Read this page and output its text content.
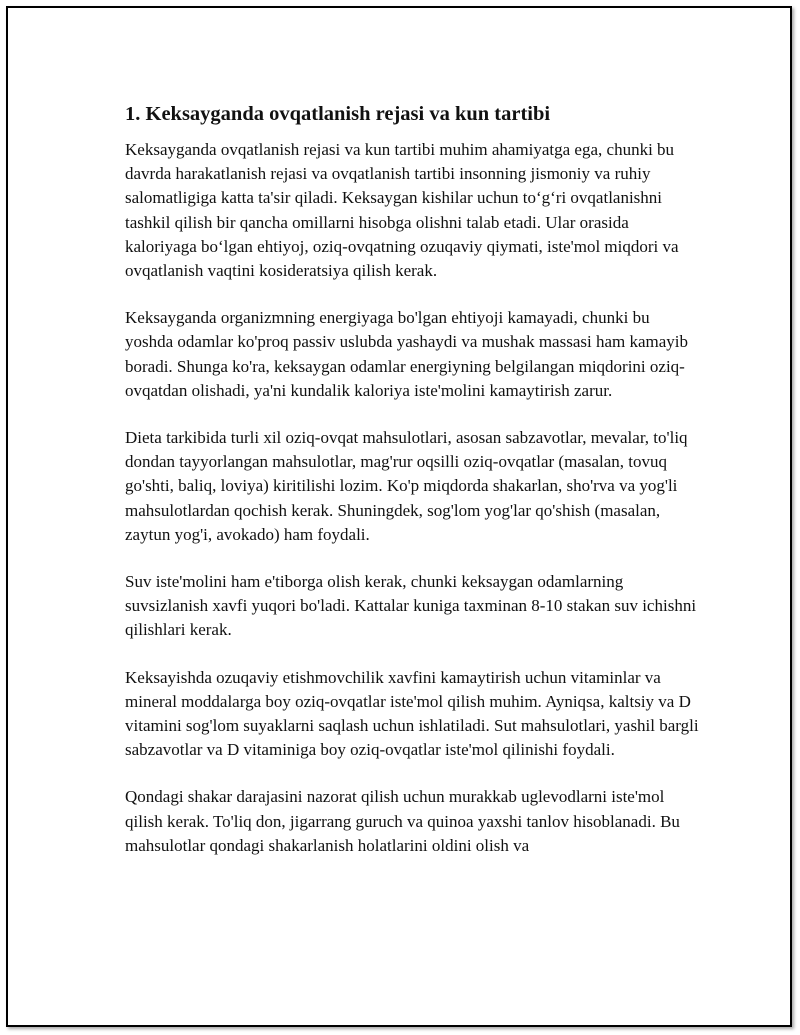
1. Keksayganda ovqatlanish rejasi va kun tartibi

Keksayganda ovqatlanish rejasi va kun tartibi muhim ahamiyatga ega, chunki bu davrda harakatlanish rejasi va ovqatlanish tartibi insonning jismoniy va ruhiy salomatligiga katta ta'sir qiladi. Keksaygan kishilar uchun to‘g‘ri ovqatlanishni tashkil qilish bir qancha omillarni hisobga olishni talab etadi. Ular orasida kaloriyaga bo‘lgan ehtiyoj, oziq-ovqatning ozuqaviy qiymati, iste'mol miqdori va ovqatlanish vaqtini kosideratsiya qilish kerak.

Keksayganda organizmning energiyaga bo'lgan ehtiyoji kamayadi, chunki bu yoshda odamlar ko'proq passiv uslubda yashaydi va mushak massasi ham kamayib boradi. Shunga ko'ra, keksaygan odamlar energiyning belgilangan miqdorini oziq-ovqatdan olishadi, ya'ni kundalik kaloriya iste'molini kamaytirish zarur.

Dieta tarkibida turli xil oziq-ovqat mahsulotlari, asosan sabzavotlar, mevalar, to'liq dondan tayyorlangan mahsulotlar, mag'rur oqsilli oziq-ovqatlar (masalan, tovuq go'shti, baliq, loviya) kiritilishi lozim. Ko'p miqdorda shakarlan, sho'rva va yog'li mahsulotlardan qochish kerak. Shuningdek, sog'lom yog'lar qo'shish (masalan, zaytun yog'i, avokado) ham foydali.

Suv iste'molini ham e'tiborga olish kerak, chunki keksaygan odamlarning suvsizlanish xavfi yuqori bo'ladi. Kattalar kuniga taxminan 8-10 stakan suv ichishni qilishlari kerak.

Keksayishda ozuqaviy etishmovchilik xavfini kamaytirish uchun vitaminlar va mineral moddalarga boy oziq-ovqatlar iste'mol qilish muhim. Ayniqsa, kaltsiy va D vitamini sog'lom suyaklarni saqlash uchun ishlatiladi. Sut mahsulotlari, yashil bargli sabzavotlar va D vitaminiga boy oziq-ovqatlar iste'mol qilinishi foydali.

Qondagi shakar darajasini nazorat qilish uchun murakkab uglevodlarni iste'mol qilish kerak. To'liq don, jigarrang guruch va quinoa yaxshi tanlov hisoblanadi. Bu mahsulotlar qondagi shakarlanish holatlarini oldini olish va
